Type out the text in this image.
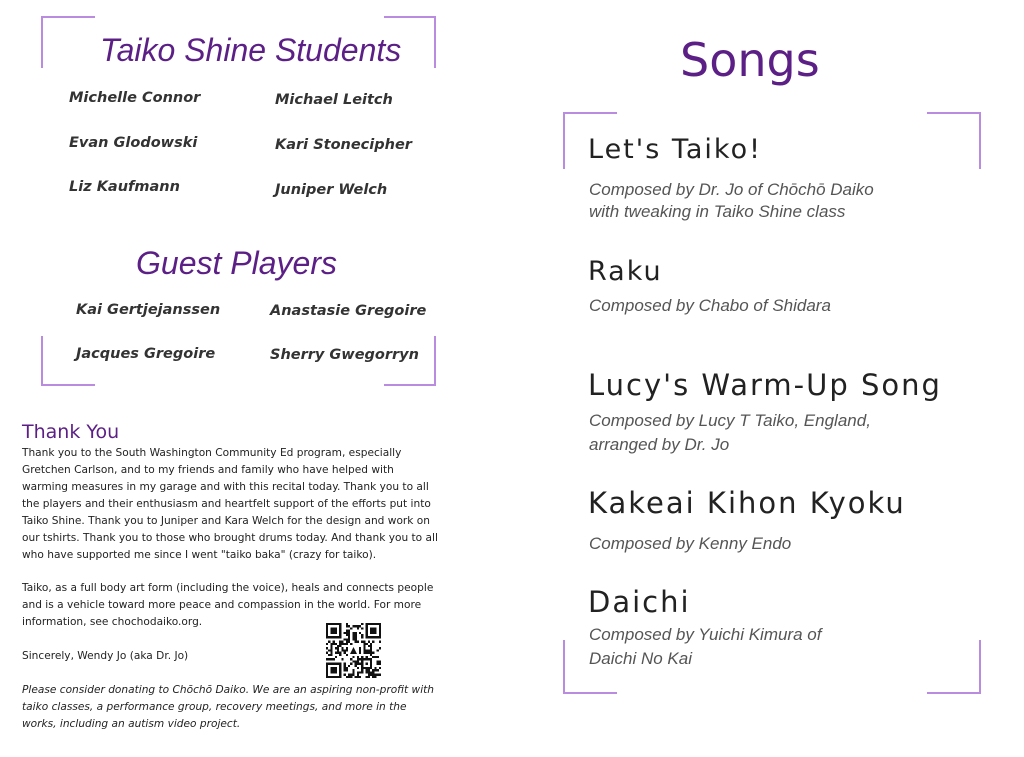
Taiko Shine Students
Michelle Connor
Evan Glodowski
Liz Kaufmann
Michael Leitch
Kari Stonecipher
Juniper Welch
Guest Players
Kai Gertjejanssen
Jacques Gregoire
Anastasie Gregoire
Sherry Gwegorryn
Thank You

Thank you to the South Washington Community Ed program, especially Gretchen Carlson, and to my friends and family who have helped with warming measures in my garage and with this recital today. Thank you to all the players and their enthusiasm and heartfelt support of the efforts put into Taiko Shine. Thank you to Juniper and Kara Welch for the design and work on our tshirts. Thank you to those who brought drums today. And thank you to all who have supported me since I went "taiko baka" (crazy for taiko).

Taiko, as a full body art form (including the voice), heals and connects people and is a vehicle toward more peace and compassion in the world. For more information, see chochodaiko.org.

Sincerely, Wendy Jo (aka Dr. Jo)

Please consider donating to Chōchō Daiko. We are an aspiring non-profit with taiko classes, a performance group, recovery meetings, and more in the works, including an autism video project.

Songs
Let's Taiko!
Composed by Dr. Jo of Chōchō Daiko
with tweaking in Taiko Shine class
Raku
Composed by Chabo of Shidara
Lucy's Warm-Up Song
Composed by Lucy T Taiko, England,
arranged by Dr. Jo
Kakeai Kihon Kyoku
Composed by Kenny Endo
Daichi
Composed by Yuichi Kimura of
Daichi No Kai
